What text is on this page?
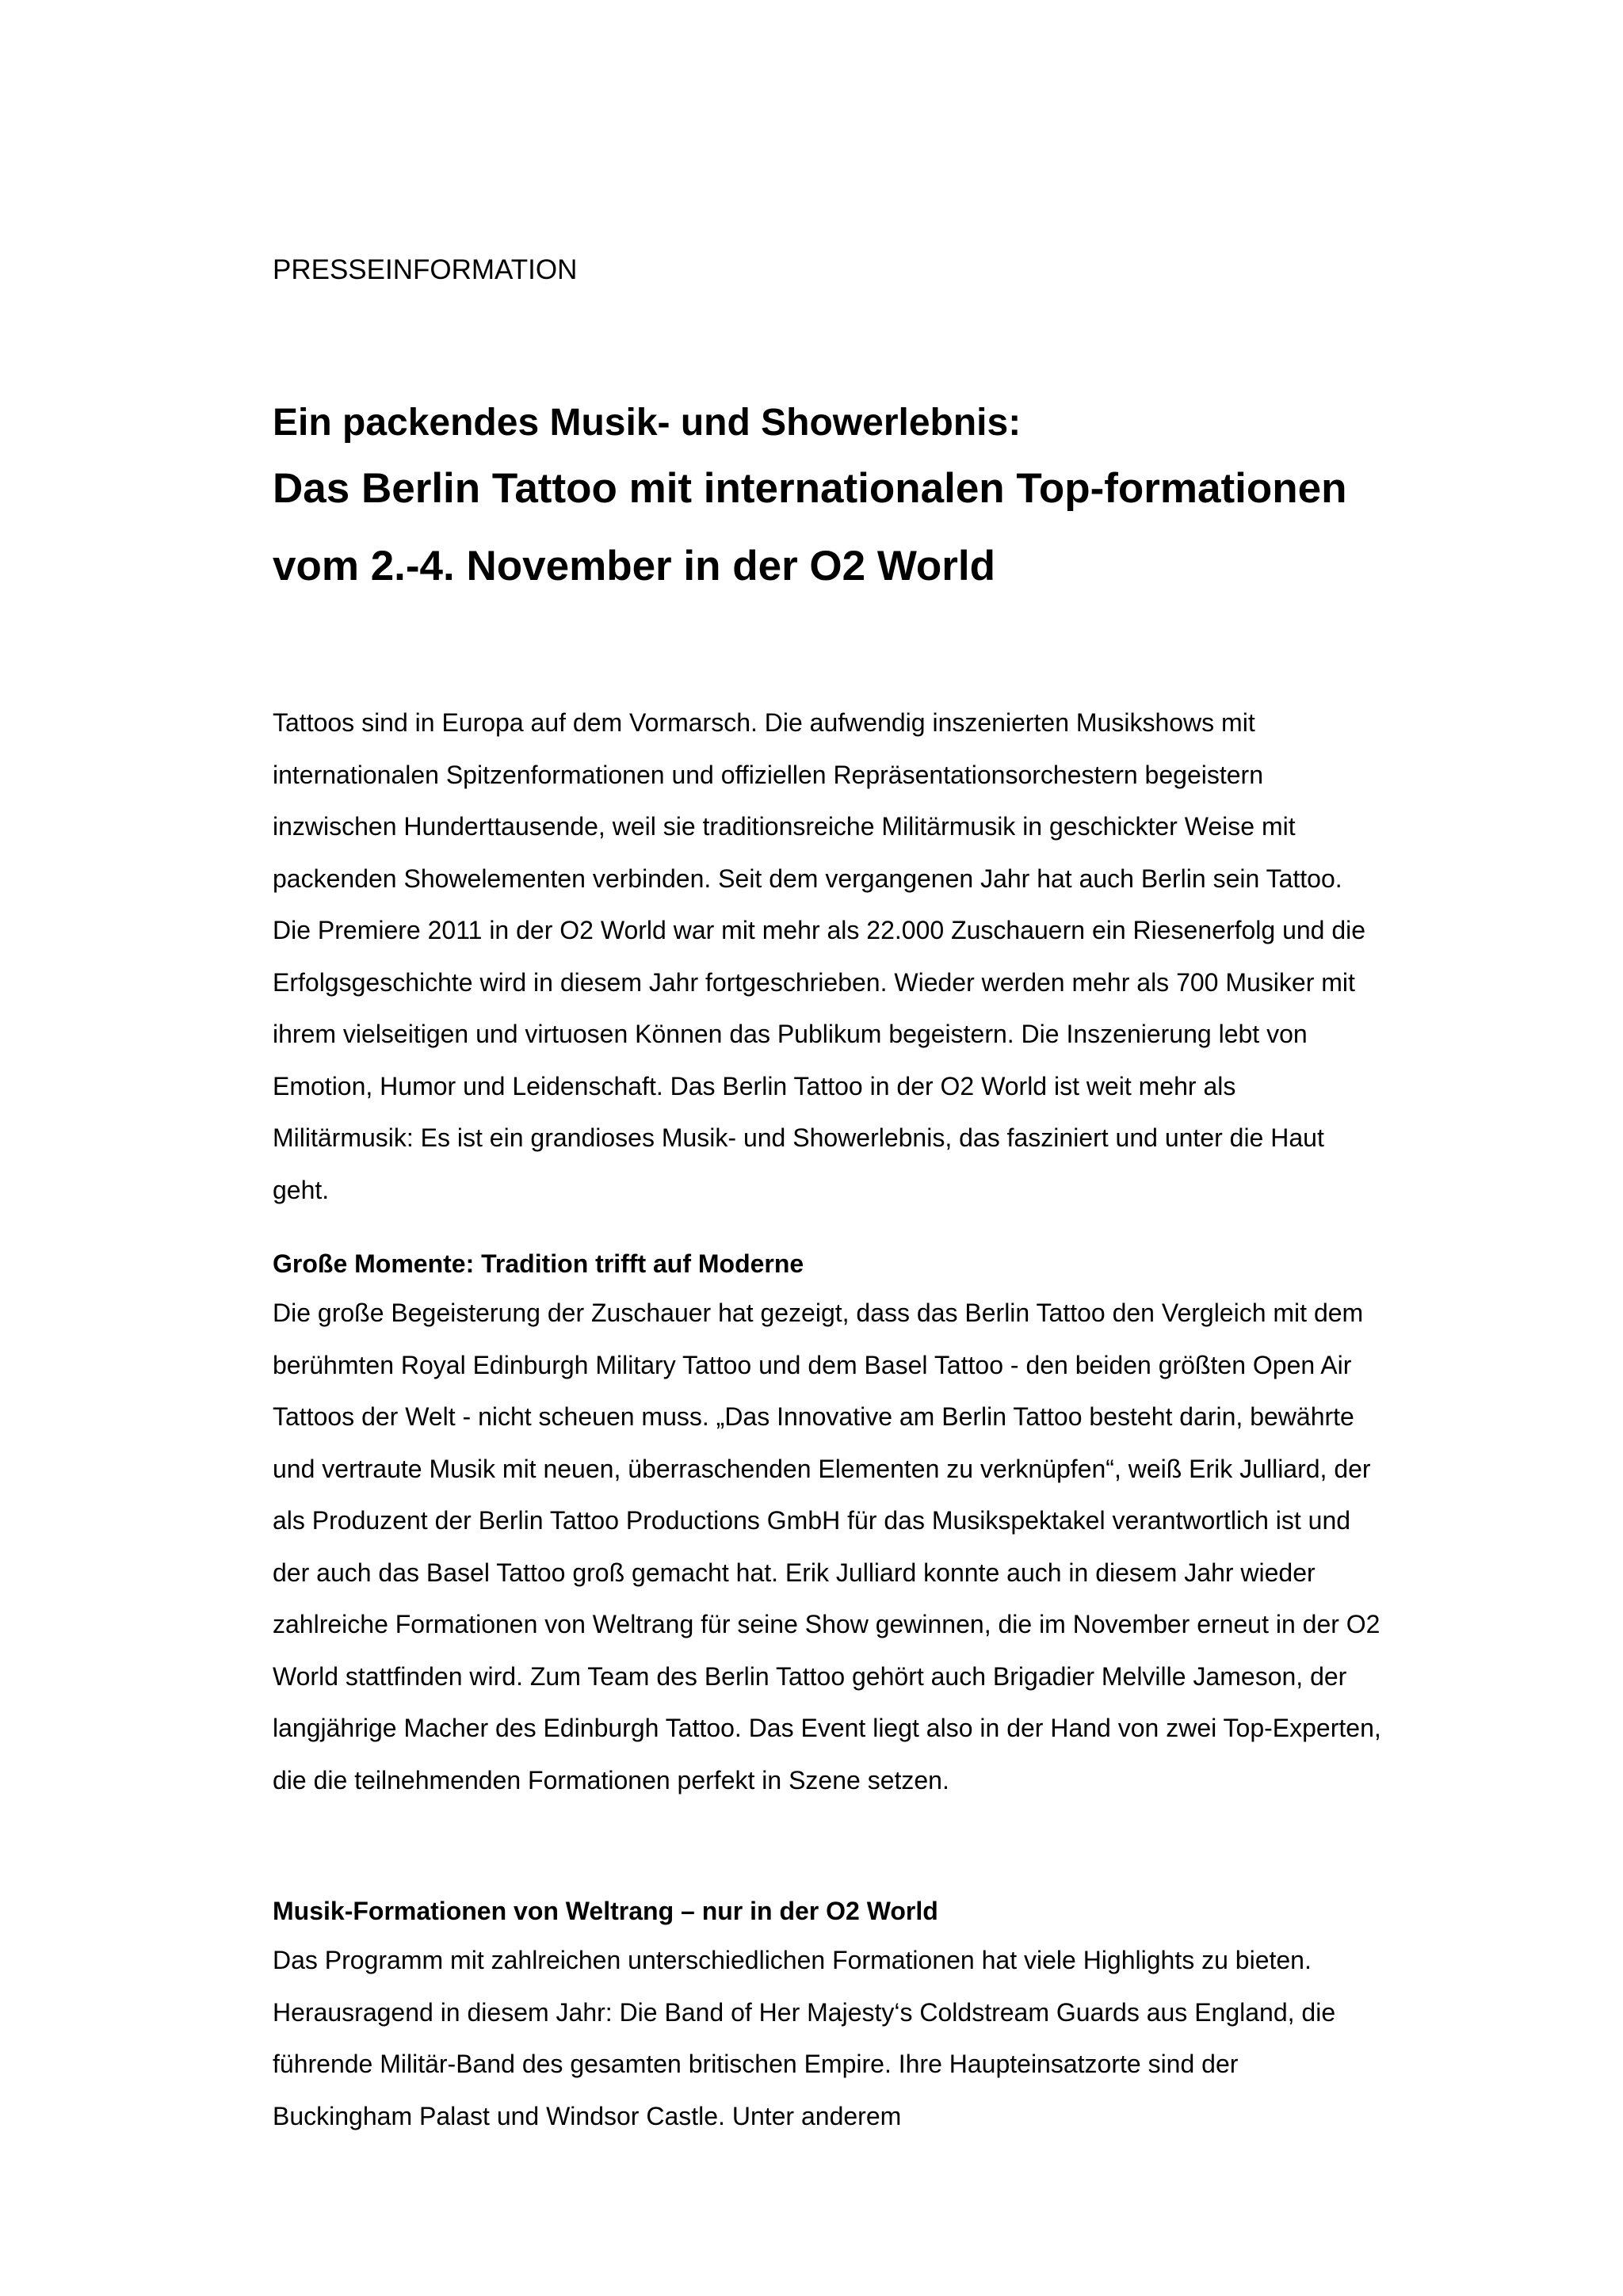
PRESSEINFORMATION

Ein packendes Musik- und Showerlebnis:
Das Berlin Tattoo mit internationalen Top-formationen vom 2.-4. November in der O2 World

Tattoos sind in Europa auf dem Vormarsch. Die aufwendig inszenierten Musikshows mit internationalen Spitzenformationen und offiziellen Repräsentationsorchestern begeistern inzwischen Hunderttausende, weil sie traditionsreiche Militärmusik in geschickter Weise mit packenden Showelementen verbinden. Seit dem vergangenen Jahr hat auch Berlin sein Tattoo. Die Premiere 2011 in der O2 World war mit mehr als 22.000 Zuschauern ein Riesenerfolg und die Erfolgsgeschichte wird in diesem Jahr fortgeschrieben. Wieder werden mehr als 700 Musiker mit ihrem vielseitigen und virtuosen Können das Publikum begeistern. Die Inszenierung lebt von Emotion, Humor und Leidenschaft. Das Berlin Tattoo in der O2 World ist weit mehr als Militärmusik: Es ist ein grandioses Musik- und Showerlebnis, das fasziniert und unter die Haut geht.

Große Momente: Tradition trifft auf Moderne

Die große Begeisterung der Zuschauer hat gezeigt, dass das Berlin Tattoo den Vergleich mit dem berühmten Royal Edinburgh Military Tattoo und dem Basel Tattoo - den beiden größten Open Air Tattoos der Welt - nicht scheuen muss. „Das Innovative am Berlin Tattoo besteht darin, bewährte und vertraute Musik mit neuen, überraschenden Elementen zu verknüpfen“, weiß Erik Julliard, der als Produzent der Berlin Tattoo Productions GmbH für das Musikspektakel verantwortlich ist und der auch das Basel Tattoo groß gemacht hat. Erik Julliard konnte auch in diesem Jahr wieder zahlreiche Formationen von Weltrang für seine Show gewinnen, die im November erneut in der O2 World stattfinden wird. Zum Team des Berlin Tattoo gehört auch Brigadier Melville Jameson, der langjährige Macher des Edinburgh Tattoo. Das Event liegt also in der Hand von zwei Top-Experten, die die teilnehmenden Formationen perfekt in Szene setzen.

Musik-Formationen von Weltrang – nur in der O2 World

Das Programm mit zahlreichen unterschiedlichen Formationen hat viele Highlights zu bieten. Herausragend in diesem Jahr: Die Band of Her Majesty‘s Coldstream Guards aus England, die führende Militär-Band des gesamten britischen Empire. Ihre Haupteinsatzorte sind der Buckingham Palast und Windsor Castle. Unter anderem
